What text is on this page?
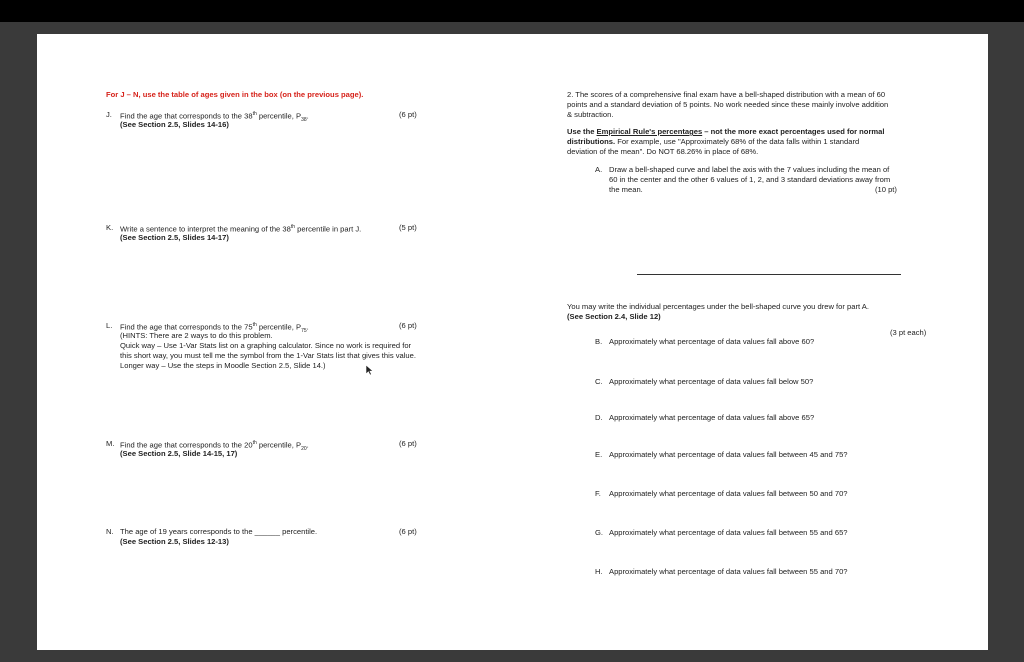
For J – N, use the table of ages given in the box (on the previous page).
J. Find the age that corresponds to the 38th percentile, $P_{38}$.
(See Section 2.5, Slides 14-16)
(6 pt)
K. Write a sentence to interpret the meaning of the 38th percentile in part J.
(See Section 2.5, Slides 14-17)
(5 pt)
L. Find the age that corresponds to the 75th percentile, $P_{75}$.
(HINTS: There are 2 ways to do this problem.
Quick way – Use 1-Var Stats list on a graphing calculator. Since no work is required for
this short way, you must tell me the symbol from the 1-Var Stats list that gives this value.
Longer way – Use the steps in Moodle Section 2.5, Slide 14.)
(6 pt)
M. Find the age that corresponds to the 20th percentile, $P_{20}$.
(See Section 2.5, Slide 14-15, 17)
(6 pt)
N. The age of 19 years corresponds to the ______ percentile.
(See Section 2.5, Slides 12-13)
(6 pt)
2. The scores of a comprehensive final exam have a bell-shaped distribution with a mean of 60
points and a standard deviation of 5 points. No work needed since these mainly involve addition
& subtraction.
Use the Empirical Rule's percentages – not the more exact percentages used for normal
distributions. For example, use "Approximately 68% of the data falls within 1 standard
deviation of the mean". Do NOT 68.26% in place of 68%.
A. Draw a bell-shaped curve and label the axis with the 7 values including the mean of
60 in the center and the other 6 values of 1, 2, and 3 standard deviations away from
the mean.	(10 pt)
You may write the individual percentages under the bell-shaped curve you drew for part A.
(See Section 2.4, Slide 12)
(3 pt each)
B. Approximately what percentage of data values fall above 60?
C. Approximately what percentage of data values fall below 50?
D. Approximately what percentage of data values fall above 65?
E. Approximately what percentage of data values fall between 45 and 75?
F. Approximately what percentage of data values fall between 50 and 70?
G. Approximately what percentage of data values fall between 55 and 65?
H. Approximately what percentage of data values fall between 55 and 70?
